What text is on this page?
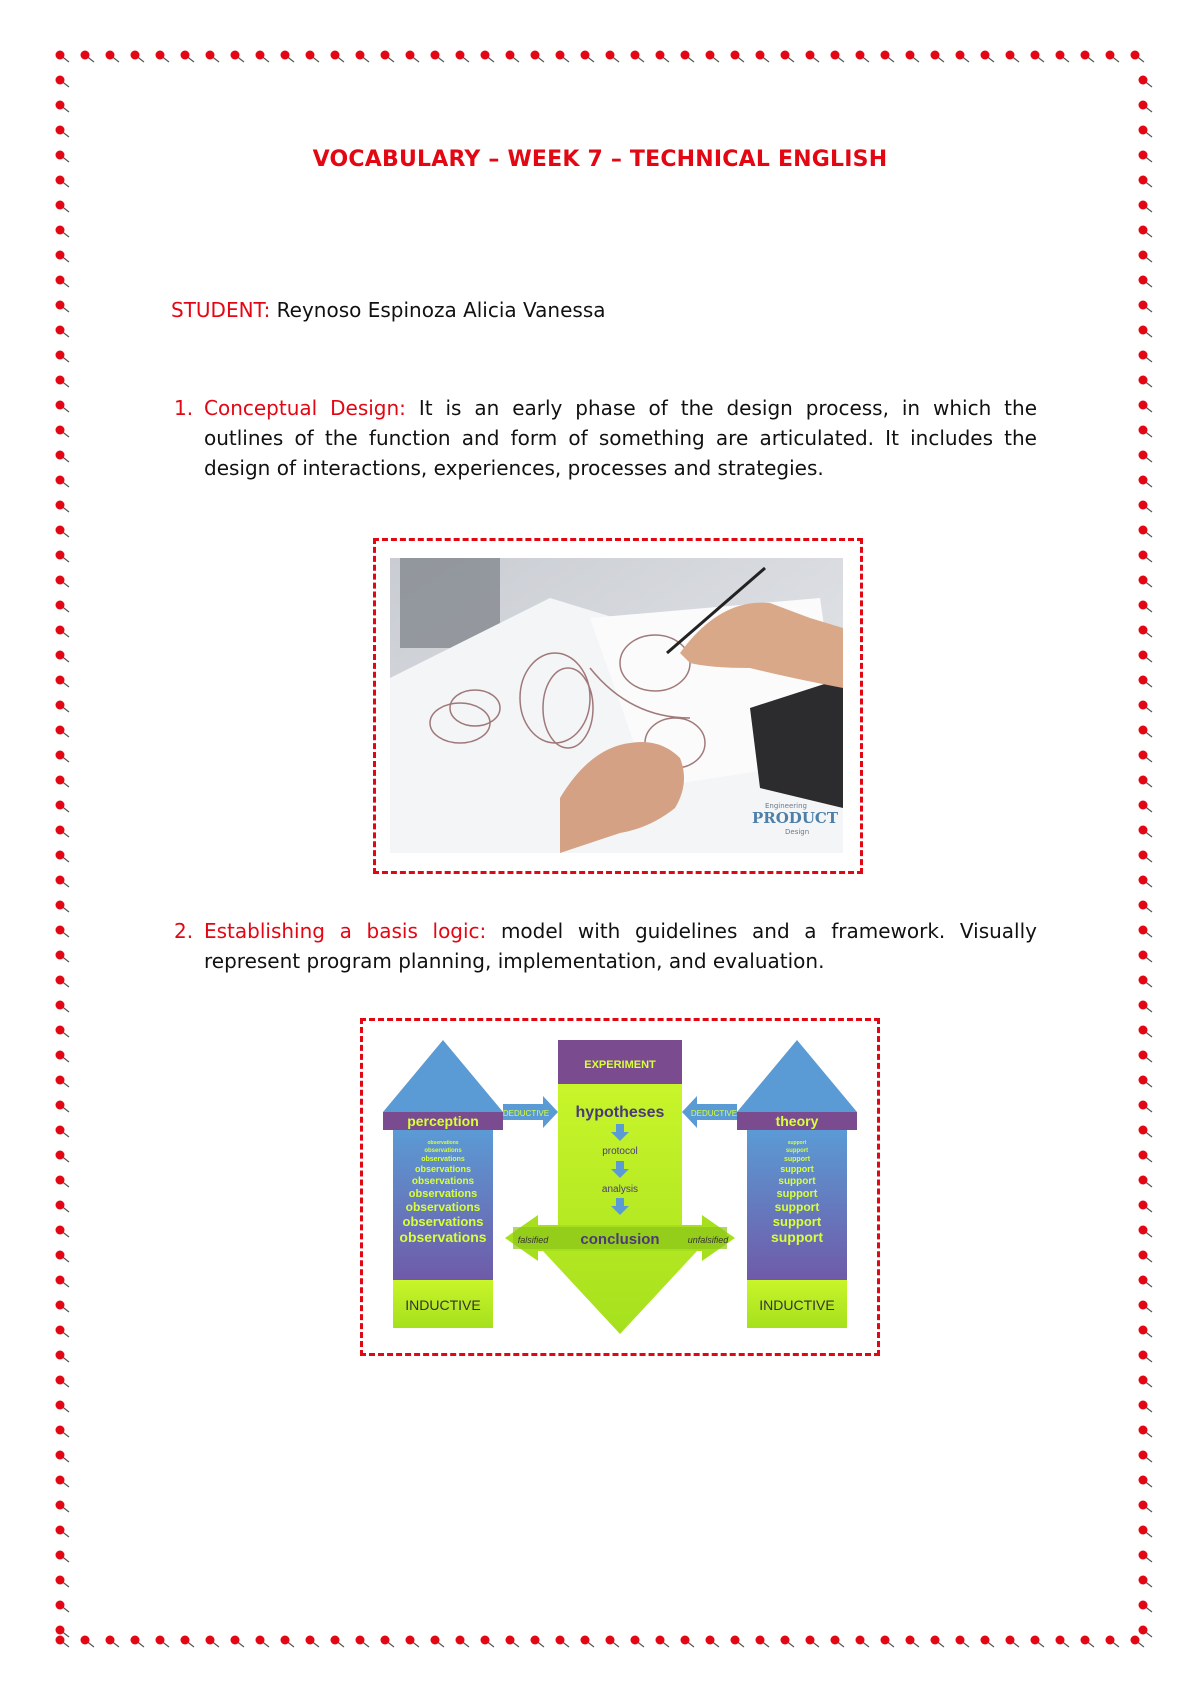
VOCABULARY – WEEK 7 – TECHNICAL ENGLISH
STUDENT: Reynoso Espinoza Alicia Vanessa
1. Conceptual Design: It is an early phase of the design process, in which the outlines of the function and form of something are articulated. It includes the design of interactions, experiences, processes and strategies.

Engineering
PRODUCT
Design
2. Establishing a basis logic: model with guidelines and a framework. Visually represent program planning, implementation, and evaluation.

perception
observations
observations
observations
observations
observations
observations
observations
observations
observations
INDUCTIVE
theory
support
support
support
support
support
support
support
support
support
INDUCTIVE
EXPERIMENT
hypotheses
protocol
analysis
conclusion
falsified	unfalsified
DEDUCTIVE	DEDUCTIVE
